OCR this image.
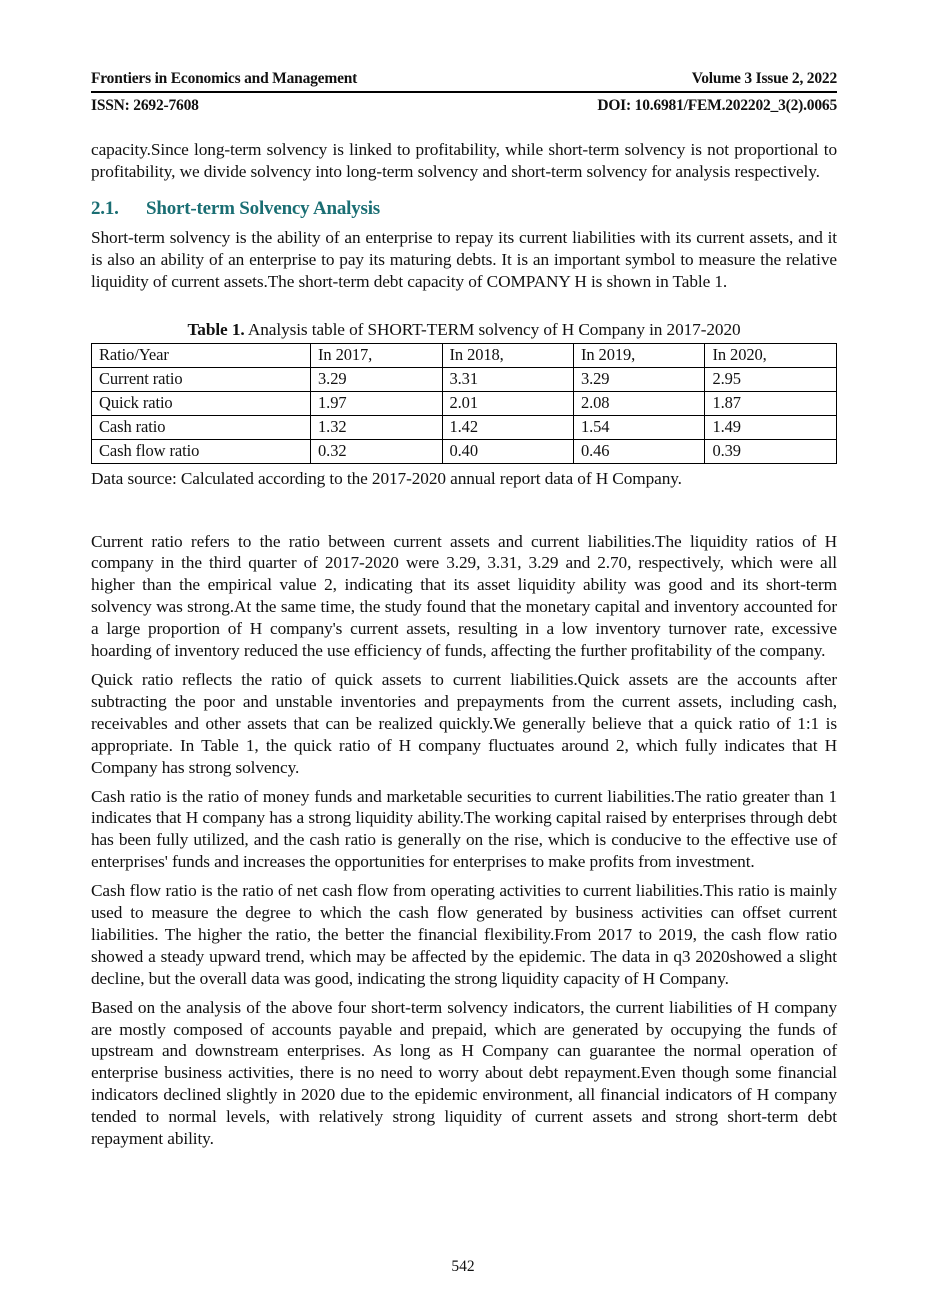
Frontiers in Economics and Management	Volume 3 Issue 2, 2022
ISSN: 2692-7608	DOI: 10.6981/FEM.202202_3(2).0065

capacity.Since long-term solvency is linked to profitability, while short-term solvency is not proportional to profitability, we divide solvency into long-term solvency and short-term solvency for analysis respectively.

2.1. Short-term Solvency Analysis

Short-term solvency is the ability of an enterprise to repay its current liabilities with its current assets, and it is also an ability of an enterprise to pay its maturing debts. It is an important symbol to measure the relative liquidity of current assets.The short-term debt capacity of COMPANY H is shown in Table 1.

Table 1. Analysis table of SHORT-TERM solvency of H Company in 2017-2020
Ratio/Year	In 2017,	In 2018,	In 2019,	In 2020,
Current ratio	3.29	3.31	3.29	2.95
Quick ratio	1.97	2.01	2.08	1.87
Cash ratio	1.32	1.42	1.54	1.49
Cash flow ratio	0.32	0.40	0.46	0.39

Data source: Calculated according to the 2017-2020 annual report data of H Company.

Current ratio refers to the ratio between current assets and current liabilities.The liquidity ratios of H company in the third quarter of 2017-2020 were 3.29, 3.31, 3.29 and 2.70, respectively, which were all higher than the empirical value 2, indicating that its asset liquidity ability was good and its short-term solvency was strong.At the same time, the study found that the monetary capital and inventory accounted for a large proportion of H company's current assets, resulting in a low inventory turnover rate, excessive hoarding of inventory reduced the use efficiency of funds, affecting the further profitability of the company.

Quick ratio reflects the ratio of quick assets to current liabilities.Quick assets are the accounts after subtracting the poor and unstable inventories and prepayments from the current assets, including cash, receivables and other assets that can be realized quickly.We generally believe that a quick ratio of 1:1 is appropriate. In Table 1, the quick ratio of H company fluctuates around 2, which fully indicates that H Company has strong solvency.

Cash ratio is the ratio of money funds and marketable securities to current liabilities.The ratio greater than 1 indicates that H company has a strong liquidity ability.The working capital raised by enterprises through debt has been fully utilized, and the cash ratio is generally on the rise, which is conducive to the effective use of enterprises' funds and increases the opportunities for enterprises to make profits from investment.

Cash flow ratio is the ratio of net cash flow from operating activities to current liabilities.This ratio is mainly used to measure the degree to which the cash flow generated by business activities can offset current liabilities. The higher the ratio, the better the financial flexibility.From 2017 to 2019, the cash flow ratio showed a steady upward trend, which may be affected by the epidemic. The data in q3 2020showed a slight decline, but the overall data was good, indicating the strong liquidity capacity of H Company.

Based on the analysis of the above four short-term solvency indicators, the current liabilities of H company are mostly composed of accounts payable and prepaid, which are generated by occupying the funds of upstream and downstream enterprises. As long as H Company can guarantee the normal operation of enterprise business activities, there is no need to worry about debt repayment.Even though some financial indicators declined slightly in 2020 due to the epidemic environment, all financial indicators of H company tended to normal levels, with relatively strong liquidity of current assets and strong short-term debt repayment ability.

542
